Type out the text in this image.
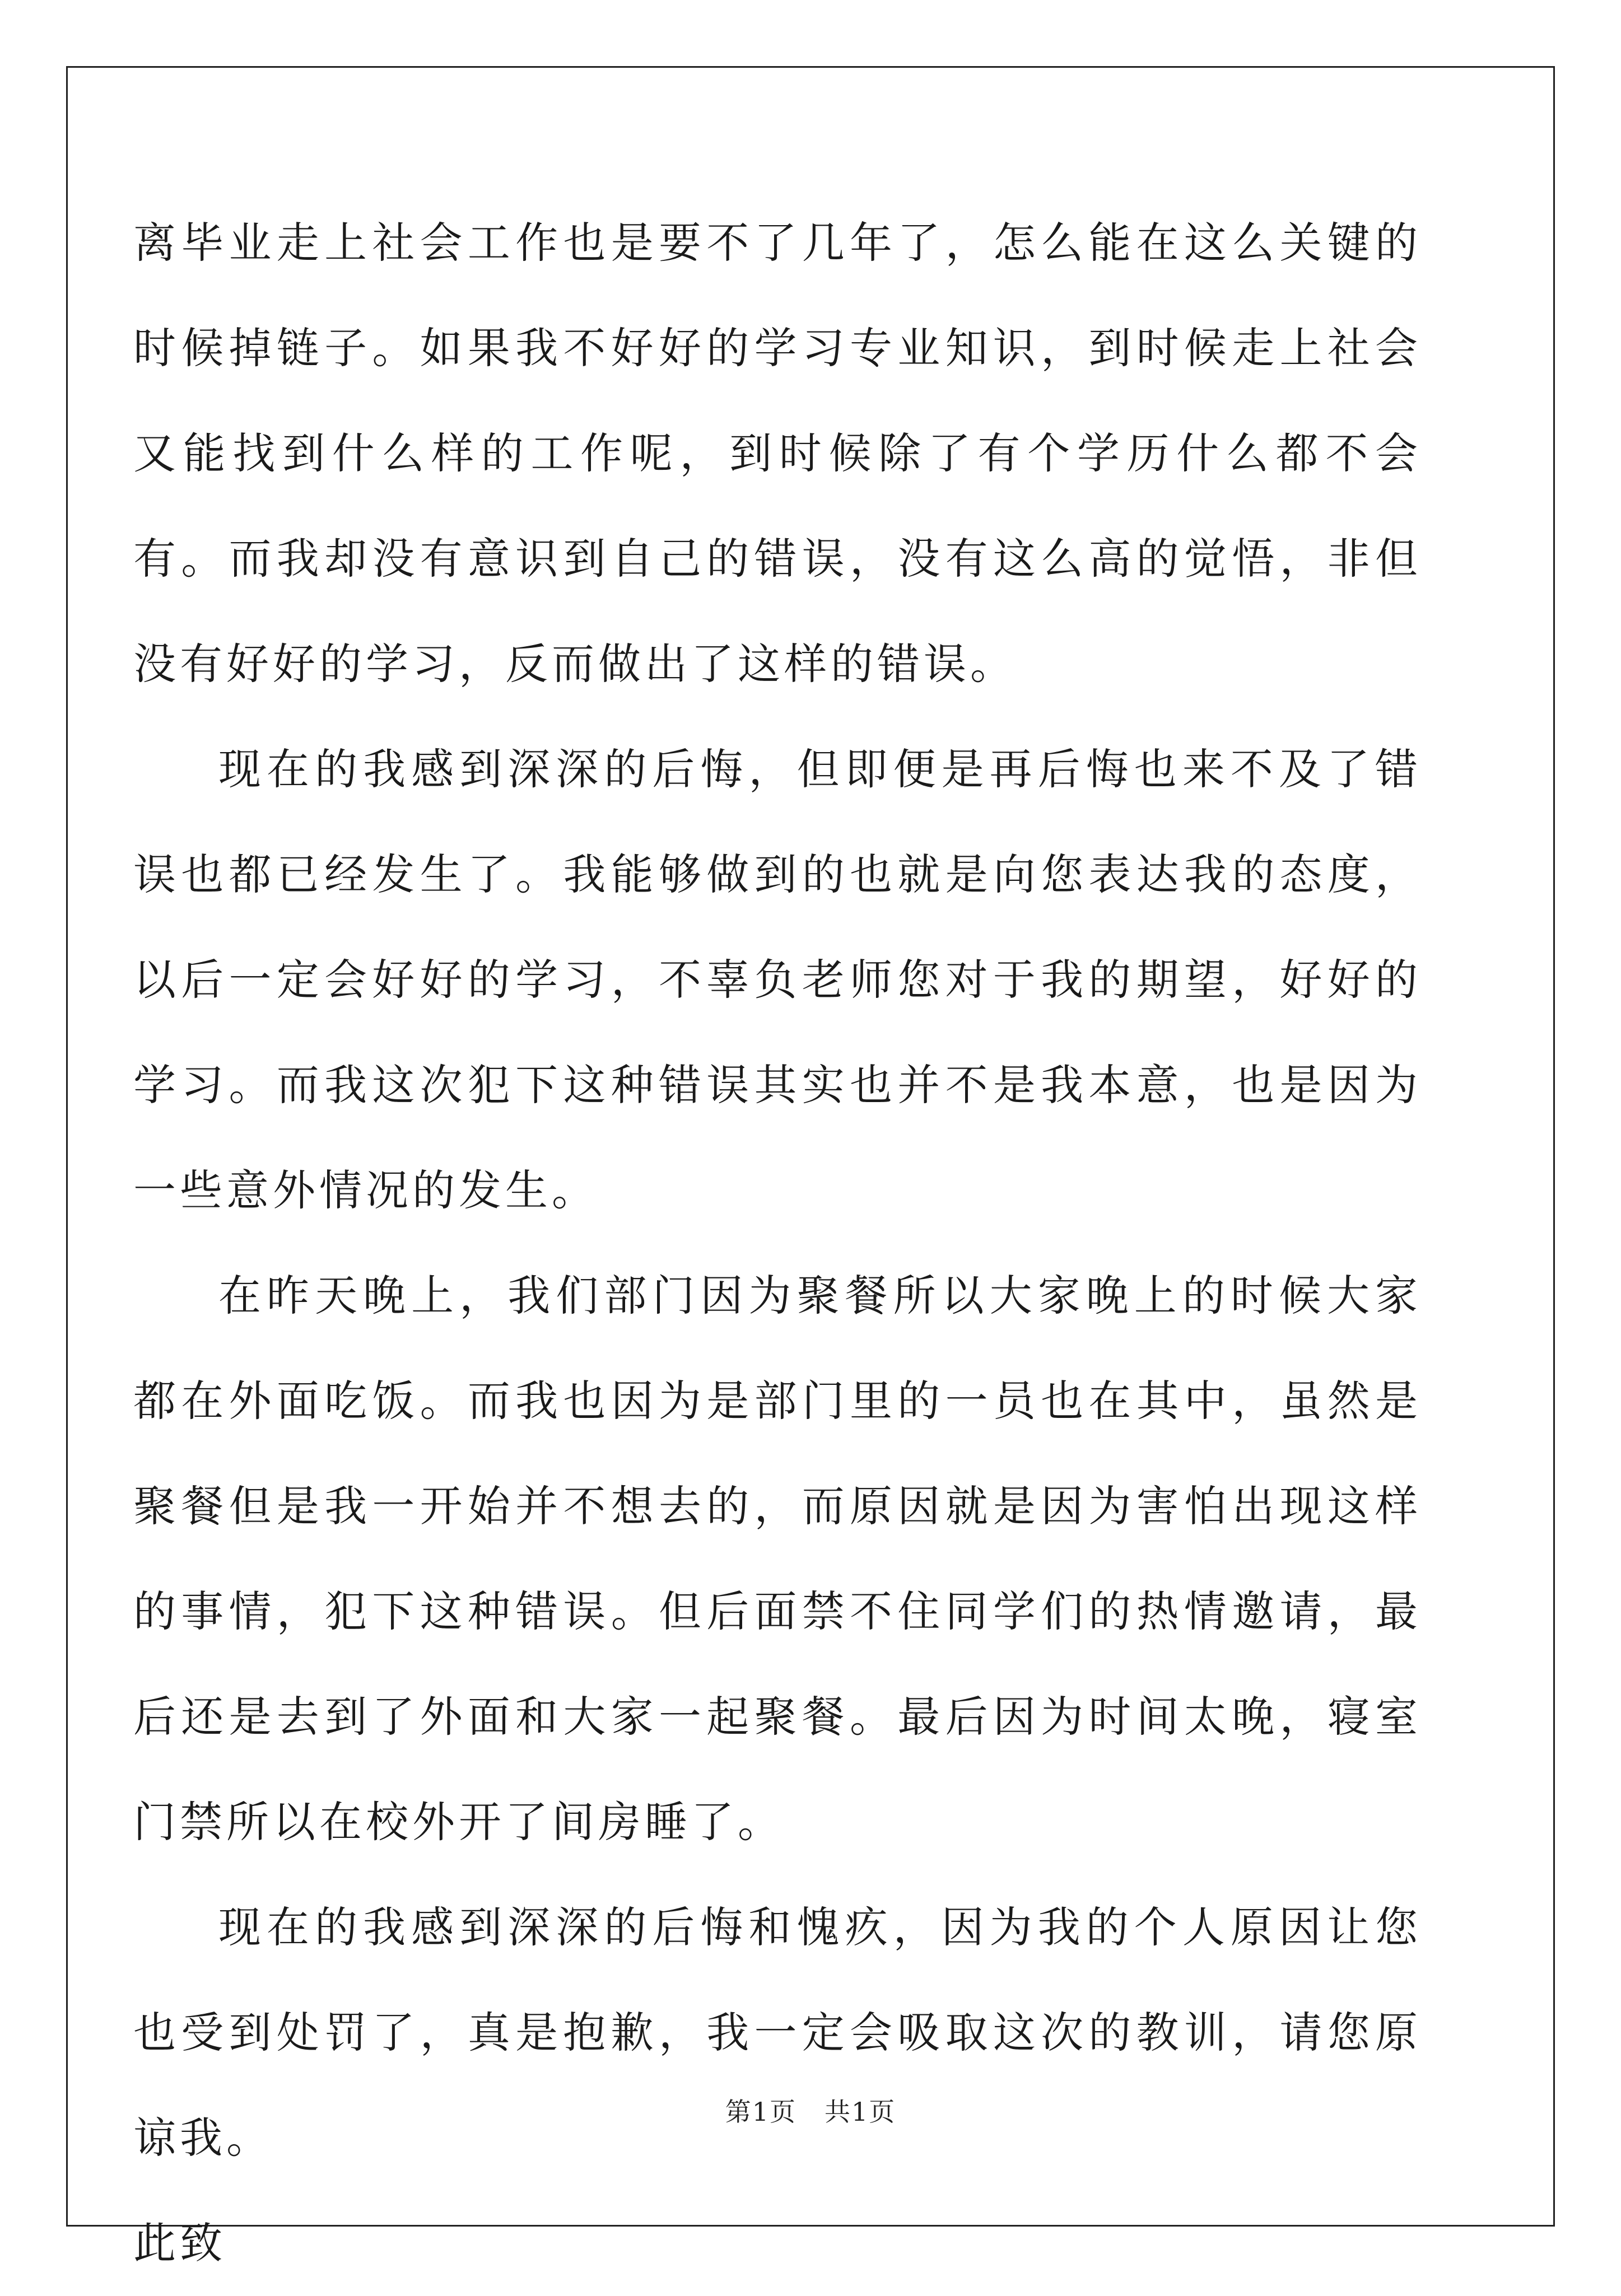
离毕业走上社会工作也是要不了几年了，怎么能在这么关键的时候掉链子。如果我不好好的学习专业知识，到时候走上社会又能找到什么样的工作呢，到时候除了有个学历什么都不会有。而我却没有意识到自己的错误，没有这么高的觉悟，非但没有好好的学习，反而做出了这样的错误。

现在的我感到深深的后悔，但即便是再后悔也来不及了错误也都已经发生了。我能够做到的也就是向您表达我的态度，以后一定会好好的学习，不辜负老师您对于我的期望，好好的学习。而我这次犯下这种错误其实也并不是我本意，也是因为一些意外情况的发生。

在昨天晚上，我们部门因为聚餐所以大家晚上的时候大家都在外面吃饭。而我也因为是部门里的一员也在其中，虽然是聚餐但是我一开始并不想去的，而原因就是因为害怕出现这样的事情，犯下这种错误。但后面禁不住同学们的热情邀请，最后还是去到了外面和大家一起聚餐。最后因为时间太晚，寝室门禁所以在校外开了间房睡了。

现在的我感到深深的后悔和愧疚，因为我的个人原因让您也受到处罚了，真是抱歉，我一定会吸取这次的教训，请您原谅我。

此致

第1页 共1页
